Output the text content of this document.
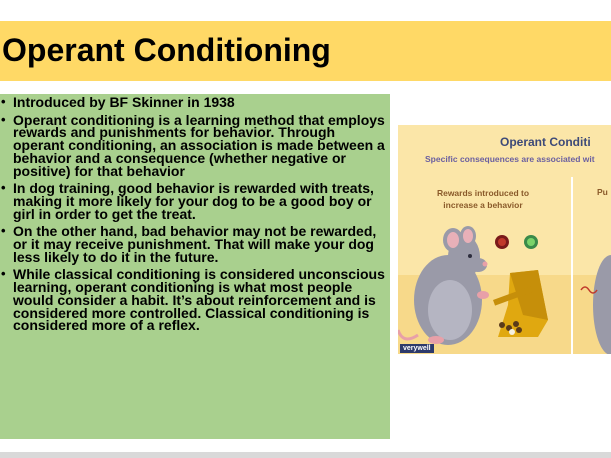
Operant Conditioning
• Introduced by BF Skinner in 1938
• Operant conditioning is a learning method that employs rewards and punishments for behavior. Through operant conditioning, an association is made between a behavior and a consequence (whether negative or positive) for that behavior
• In dog training, good behavior is rewarded with treats, making it more likely for your dog to be a good boy or girl in order to get the treat.
• On the other hand, bad behavior may not be rewarded, or it may receive punishment. That will make your dog less likely to do it in the future.
• While classical conditioning is considered unconscious learning, operant conditioning is what most people would consider a habit. It’s about reinforcement and is considered more controlled. Classical conditioning is considered more of a reflex.
Operant Conditi
Specific consequences are associated wit
Rewards introduced to increase a behavior
Pu
verywell
